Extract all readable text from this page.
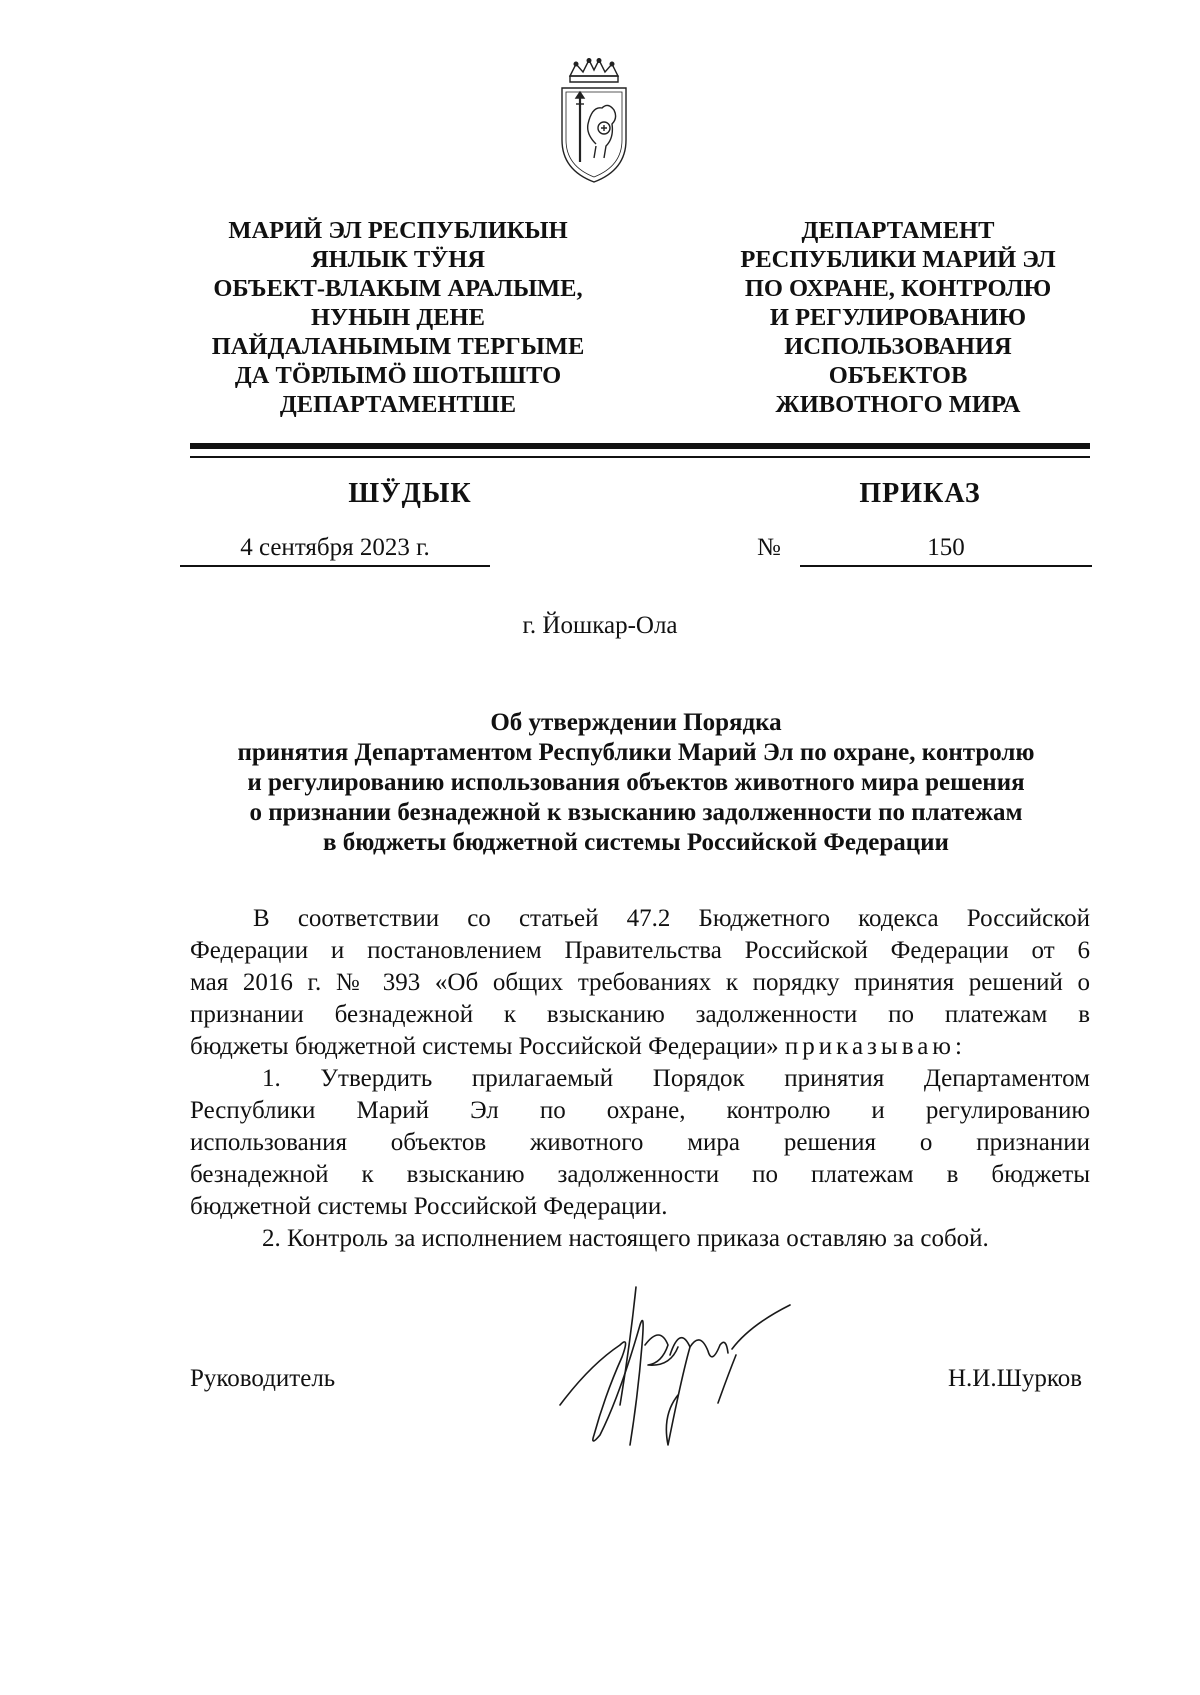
МАРИЙ ЭЛ РЕСПУБЛИКЫН
ЯНЛЫК ТӰНЯ
ОБЪЕКТ-ВЛАКЫМ АРАЛЫМЕ,
НУНЫН ДЕНЕ
ПАЙДАЛАНЫМЫМ ТЕРГЫМЕ
ДА ТӦРЛЫМӦ ШОТЫШТО
ДЕПАРТАМЕНТШЕ
ДЕПАРТАМЕНТ
РЕСПУБЛИКИ МАРИЙ ЭЛ
ПО ОХРАНЕ, КОНТРОЛЮ
И РЕГУЛИРОВАНИЮ
ИСПОЛЬЗОВАНИЯ
ОБЪЕКТОВ
ЖИВОТНОГО МИРА
ШӰДЫК	ПРИКАЗ
4 сентября 2023 г.	№	150
г. Йошкар-Ола
Об утверждении Порядка
принятия Департаментом Республики Марий Эл по охране, контролю
и регулированию использования объектов животного мира решения
о признании безнадежной к взысканию задолженности по платежам
в бюджеты бюджетной системы Российской Федерации
В соответствии со статьей 47.2 Бюджетного кодекса Российской
Федерации и постановлением Правительства Российской Федерации от 6
мая 2016 г. № 393 «Об общих требованиях к порядку принятия решений о
признании безнадежной к взысканию задолженности по платежам в
бюджеты бюджетной системы Российской Федерации» приказываю:
1. Утвердить прилагаемый Порядок принятия Департаментом
Республики Марий Эл по охране, контролю и регулированию
использования объектов животного мира решения о признании
безнадежной к взысканию задолженности по платежам в бюджеты
бюджетной системы Российской Федерации.
2. Контроль за исполнением настоящего приказа оставляю за собой.
Руководитель	Н.И.Шурков
